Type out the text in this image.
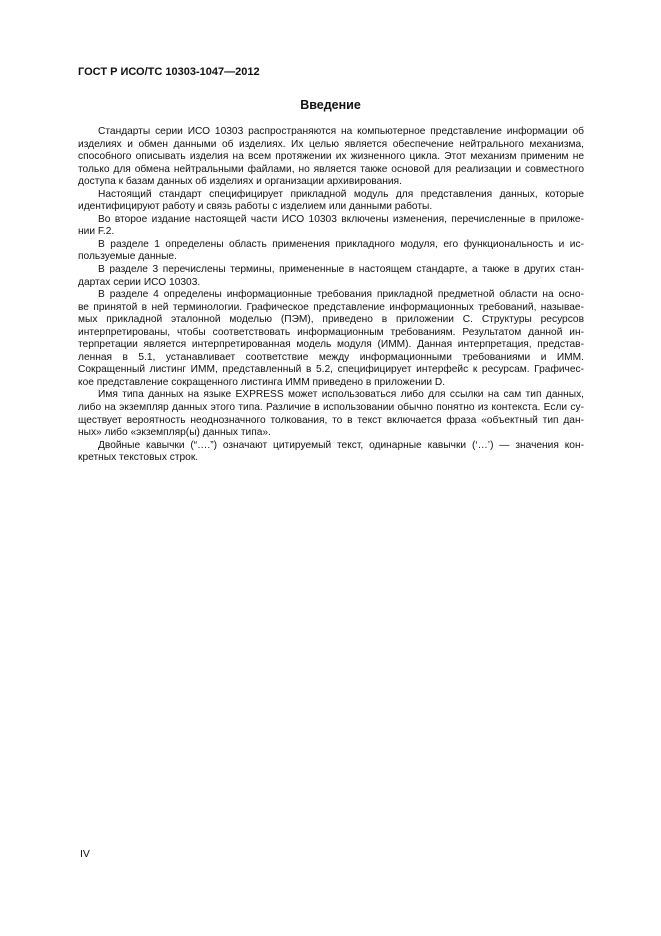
ГОСТ Р ИСО/ТС 10303-1047—2012
Введение

Стандарты серии ИСО 10303 распространяются на компьютерное представление информации об
изделиях и обмен данными об изделиях. Их целью является обеспечение нейтрального механизма,
способного описывать изделия на всем протяжении их жизненного цикла. Этот механизм применим не
только для обмена нейтральными файлами, но является также основой для реализации и совместного
доступа к базам данных об изделиях и организации архивирования.

Настоящий стандарт специфицирует прикладной модуль для представления данных, которые
идентифицируют работу и связь работы с изделием или данными работы.

Во второе издание настоящей части ИСО 10303 включены изменения, перечисленные в приложе-
нии F.2.

В разделе 1 определены область применения прикладного модуля, его функциональность и ис-
пользуемые данные.

В разделе 3 перечислены термины, примененные в настоящем стандарте, а также в других стан-
дартах серии ИСО 10303.

В разделе 4 определены информационные требования прикладной предметной области на осно-
ве принятой в ней терминологии. Графическое представление информационных требований, называе-
мых прикладной эталонной моделью (ПЭМ), приведено в приложении С. Структуры ресурсов
интерпретированы, чтобы соответствовать информационным требованиям. Результатом данной ин-
терпретации является интерпретированная модель модуля (ИММ). Данная интерпретация, представ-
ленная в 5.1, устанавливает соответствие между информационными требованиями и ИММ.
Сокращенный листинг ИММ, представленный в 5.2, специфицирует интерфейс к ресурсам. Графичес-
кое представление сокращенного листинга ИММ приведено в приложении D.

Имя типа данных на языке EXPRESS может использоваться либо для ссылки на сам тип данных,
либо на экземпляр данных этого типа. Различие в использовании обычно понятно из контекста. Если су-
ществует вероятность неоднозначного толкования, то в текст включается фраза «объектный тип дан-
ных» либо «экземпляр(ы) данных типа».

Двойные кавычки (“….”) означают цитируемый текст, одинарные кавычки (‘…’) — значения кон-
кретных текстовых строк.

IV
